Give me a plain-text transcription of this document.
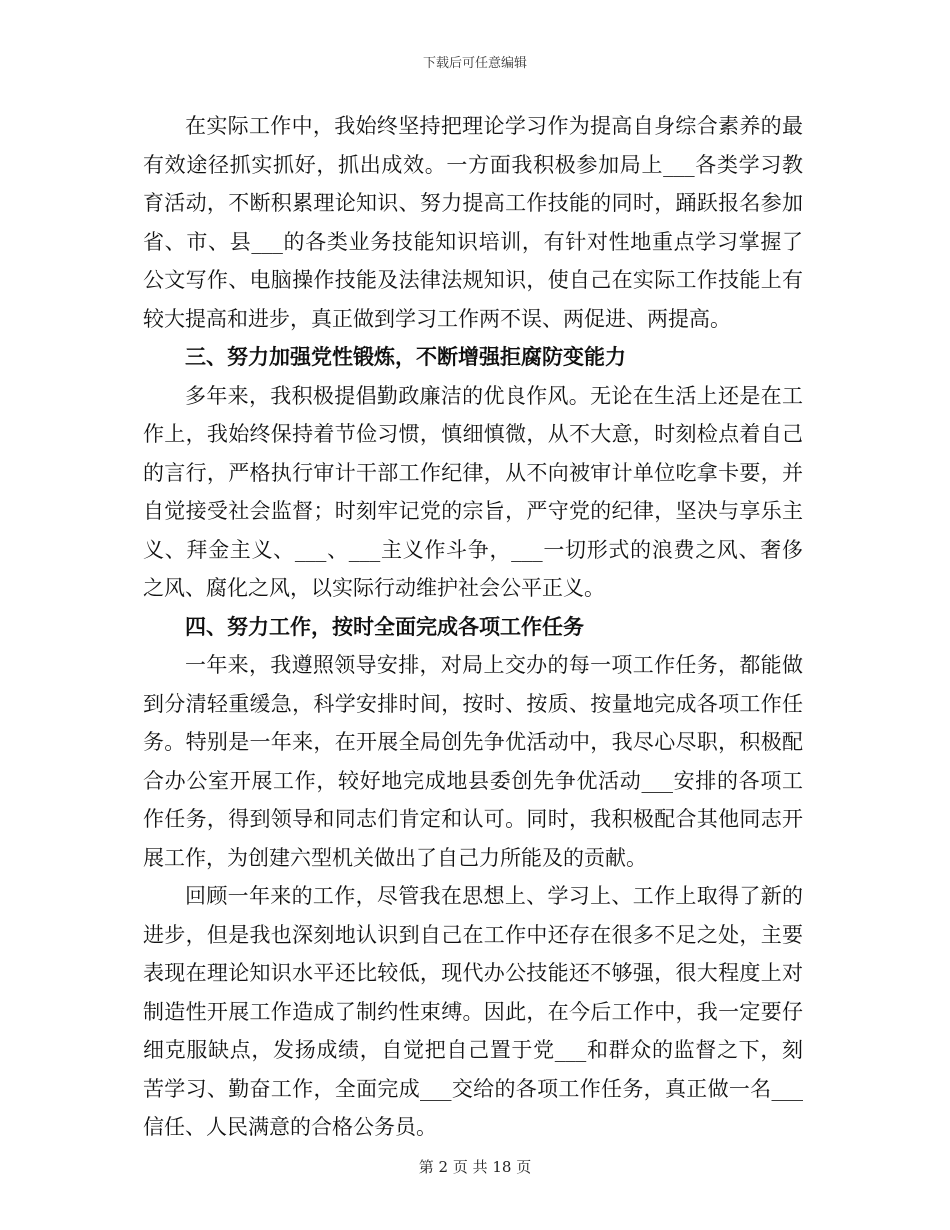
下载后可任意编辑

在实际工作中，我始终坚持把理论学习作为提高自身综合素养的最有效途径抓实抓好，抓出成效。一方面我积极参加局上___各类学习教育活动，不断积累理论知识、努力提高工作技能的同时，踊跃报名参加省、市、县___的各类业务技能知识培训，有针对性地重点学习掌握了公文写作、电脑操作技能及法律法规知识，使自己在实际工作技能上有较大提高和进步，真正做到学习工作两不误、两促进、两提高。

三、努力加强党性锻炼，不断增强拒腐防变能力

多年来，我积极提倡勤政廉洁的优良作风。无论在生活上还是在工作上，我始终保持着节俭习惯，慎细慎微，从不大意，时刻检点着自己的言行，严格执行审计干部工作纪律，从不向被审计单位吃拿卡要，并自觉接受社会监督；时刻牢记党的宗旨，严守党的纪律，坚决与享乐主义、拜金主义、___、___主义作斗争，___一切形式的浪费之风、奢侈之风、腐化之风，以实际行动维护社会公平正义。

四、努力工作，按时全面完成各项工作任务

一年来，我遵照领导安排，对局上交办的每一项工作任务，都能做到分清轻重缓急，科学安排时间，按时、按质、按量地完成各项工作任务。特别是一年来，在开展全局创先争优活动中，我尽心尽职，积极配合办公室开展工作，较好地完成地县委创先争优活动___安排的各项工作任务，得到领导和同志们肯定和认可。同时，我积极配合其他同志开展工作，为创建六型机关做出了自己力所能及的贡献。

回顾一年来的工作，尽管我在思想上、学习上、工作上取得了新的进步，但是我也深刻地认识到自己在工作中还存在很多不足之处，主要表现在理论知识水平还比较低，现代办公技能还不够强，很大程度上对制造性开展工作造成了制约性束缚。因此，在今后工作中，我一定要仔细克服缺点，发扬成绩，自觉把自己置于党___和群众的监督之下，刻苦学习、勤奋工作，全面完成___交给的各项工作任务，真正做一名___信任、人民满意的合格公务员。

第 2 页 共 18 页
